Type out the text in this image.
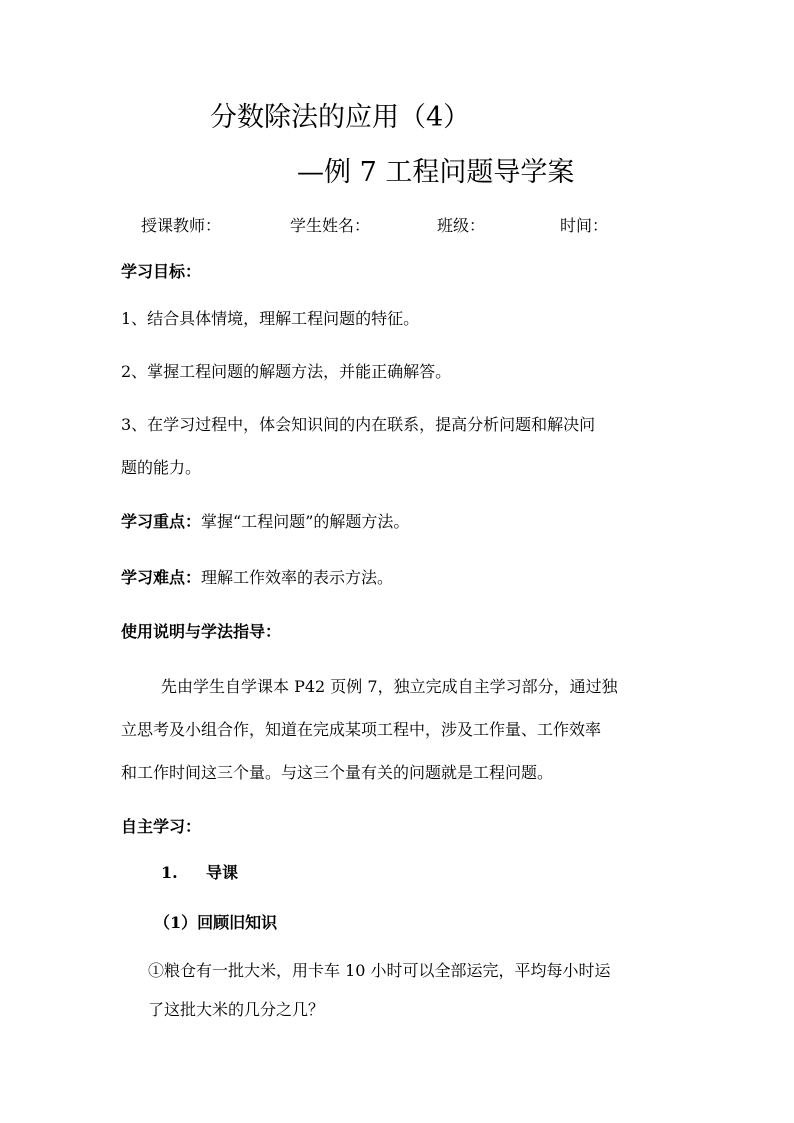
分数除法的应用（4）
—例 7 工程问题导学案
授课教师：	学生姓名：	班级：	时间：
学习目标：
1、结合具体情境，理解工程问题的特征。
2、掌握工程问题的解题方法，并能正确解答。
3、在学习过程中，体会知识间的内在联系，提高分析问题和解决问
题的能力。
学习重点：掌握“工程问题”的解题方法。
学习难点：理解工作效率的表示方法。
使用说明与学法指导：
先由学生自学课本 P42 页例 7，独立完成自主学习部分，通过独
立思考及小组合作，知道在完成某项工程中，涉及工作量、工作效率
和工作时间这三个量。与这三个量有关的问题就是工程问题。
自主学习：
1. 导课
（1）回顾旧知识
①粮仓有一批大米，用卡车 10 小时可以全部运完，平均每小时运
了这批大米的几分之几？
